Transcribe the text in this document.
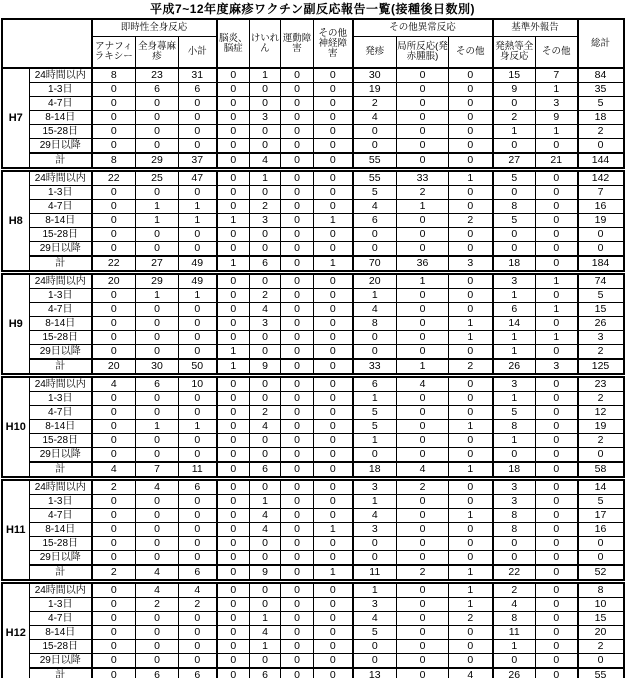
平成7~12年度麻疹ワクチン副反応報告一覧(接種後日数別)
		即時性全身反応			脳炎、脳症	けいれん	運動障害	その他神経障害	その他異常反応			基準外報告		総計
		アナフィラキシー	全身蕁麻疹	小計					発疹	局所反応(発赤腫脹)	その他	発熱等全身反応	その他	
H7	24時間以内	8	23	31	0	1	0	0	30	0	0	15	7	84
	1-3日	0	6	6	0	0	0	0	19	0	0	9	1	35
	4-7日	0	0	0	0	0	0	0	2	0	0	0	3	5
	8-14日	0	0	0	0	3	0	0	4	0	0	2	9	18
	15-28日	0	0	0	0	0	0	0	0	0	0	1	1	2
	29日以降	0	0	0	0	0	0	0	0	0	0	0	0	0
	計	8	29	37	0	4	0	0	55	0	0	27	21	144
H8	24時間以内	22	25	47	0	1	0	0	55	33	1	5	0	142
	1-3日	0	0	0	0	0	0	0	5	2	0	0	0	7
	4-7日	0	1	1	0	2	0	0	4	1	0	8	0	16
	8-14日	0	1	1	1	3	0	1	6	0	2	5	0	19
	15-28日	0	0	0	0	0	0	0	0	0	0	0	0	0
	29日以降	0	0	0	0	0	0	0	0	0	0	0	0	0
	計	22	27	49	1	6	0	1	70	36	3	18	0	184
H9	24時間以内	20	29	49	0	0	0	0	20	1	0	3	1	74
	1-3日	0	1	1	0	2	0	0	1	0	0	1	0	5
	4-7日	0	0	0	0	4	0	0	4	0	0	6	1	15
	8-14日	0	0	0	0	3	0	0	8	0	1	14	0	26
	15-28日	0	0	0	0	0	0	0	0	0	1	1	1	3
	29日以降	0	0	0	1	0	0	0	0	0	0	1	0	2
	計	20	30	50	1	9	0	0	33	1	2	26	3	125
H10	24時間以内	4	6	10	0	0	0	0	6	4	0	3	0	23
	1-3日	0	0	0	0	0	0	0	1	0	0	1	0	2
	4-7日	0	0	0	0	2	0	0	5	0	0	5	0	12
	8-14日	0	1	1	0	4	0	0	5	0	1	8	0	19
	15-28日	0	0	0	0	0	0	0	1	0	0	1	0	2
	29日以降	0	0	0	0	0	0	0	0	0	0	0	0	0
	計	4	7	11	0	6	0	0	18	4	1	18	0	58
H11	24時間以内	2	4	6	0	0	0	0	3	2	0	3	0	14
	1-3日	0	0	0	0	1	0	0	1	0	0	3	0	5
	4-7日	0	0	0	0	4	0	0	4	0	1	8	0	17
	8-14日	0	0	0	0	4	0	1	3	0	0	8	0	16
	15-28日	0	0	0	0	0	0	0	0	0	0	0	0	0
	29日以降	0	0	0	0	0	0	0	0	0	0	0	0	0
	計	2	4	6	0	9	0	1	11	2	1	22	0	52
H12	24時間以内	0	4	4	0	0	0	0	1	0	1	2	0	8
	1-3日	0	2	2	0	0	0	0	3	0	1	4	0	10
	4-7日	0	0	0	0	1	0	0	4	0	2	8	0	15
	8-14日	0	0	0	0	4	0	0	5	0	0	11	0	20
	15-28日	0	0	0	0	1	0	0	0	0	0	1	0	2
	29日以降	0	0	0	0	0	0	0	0	0	0	0	0	0
	計	0	6	6	0	6	0	0	13	0	4	26	0	55
